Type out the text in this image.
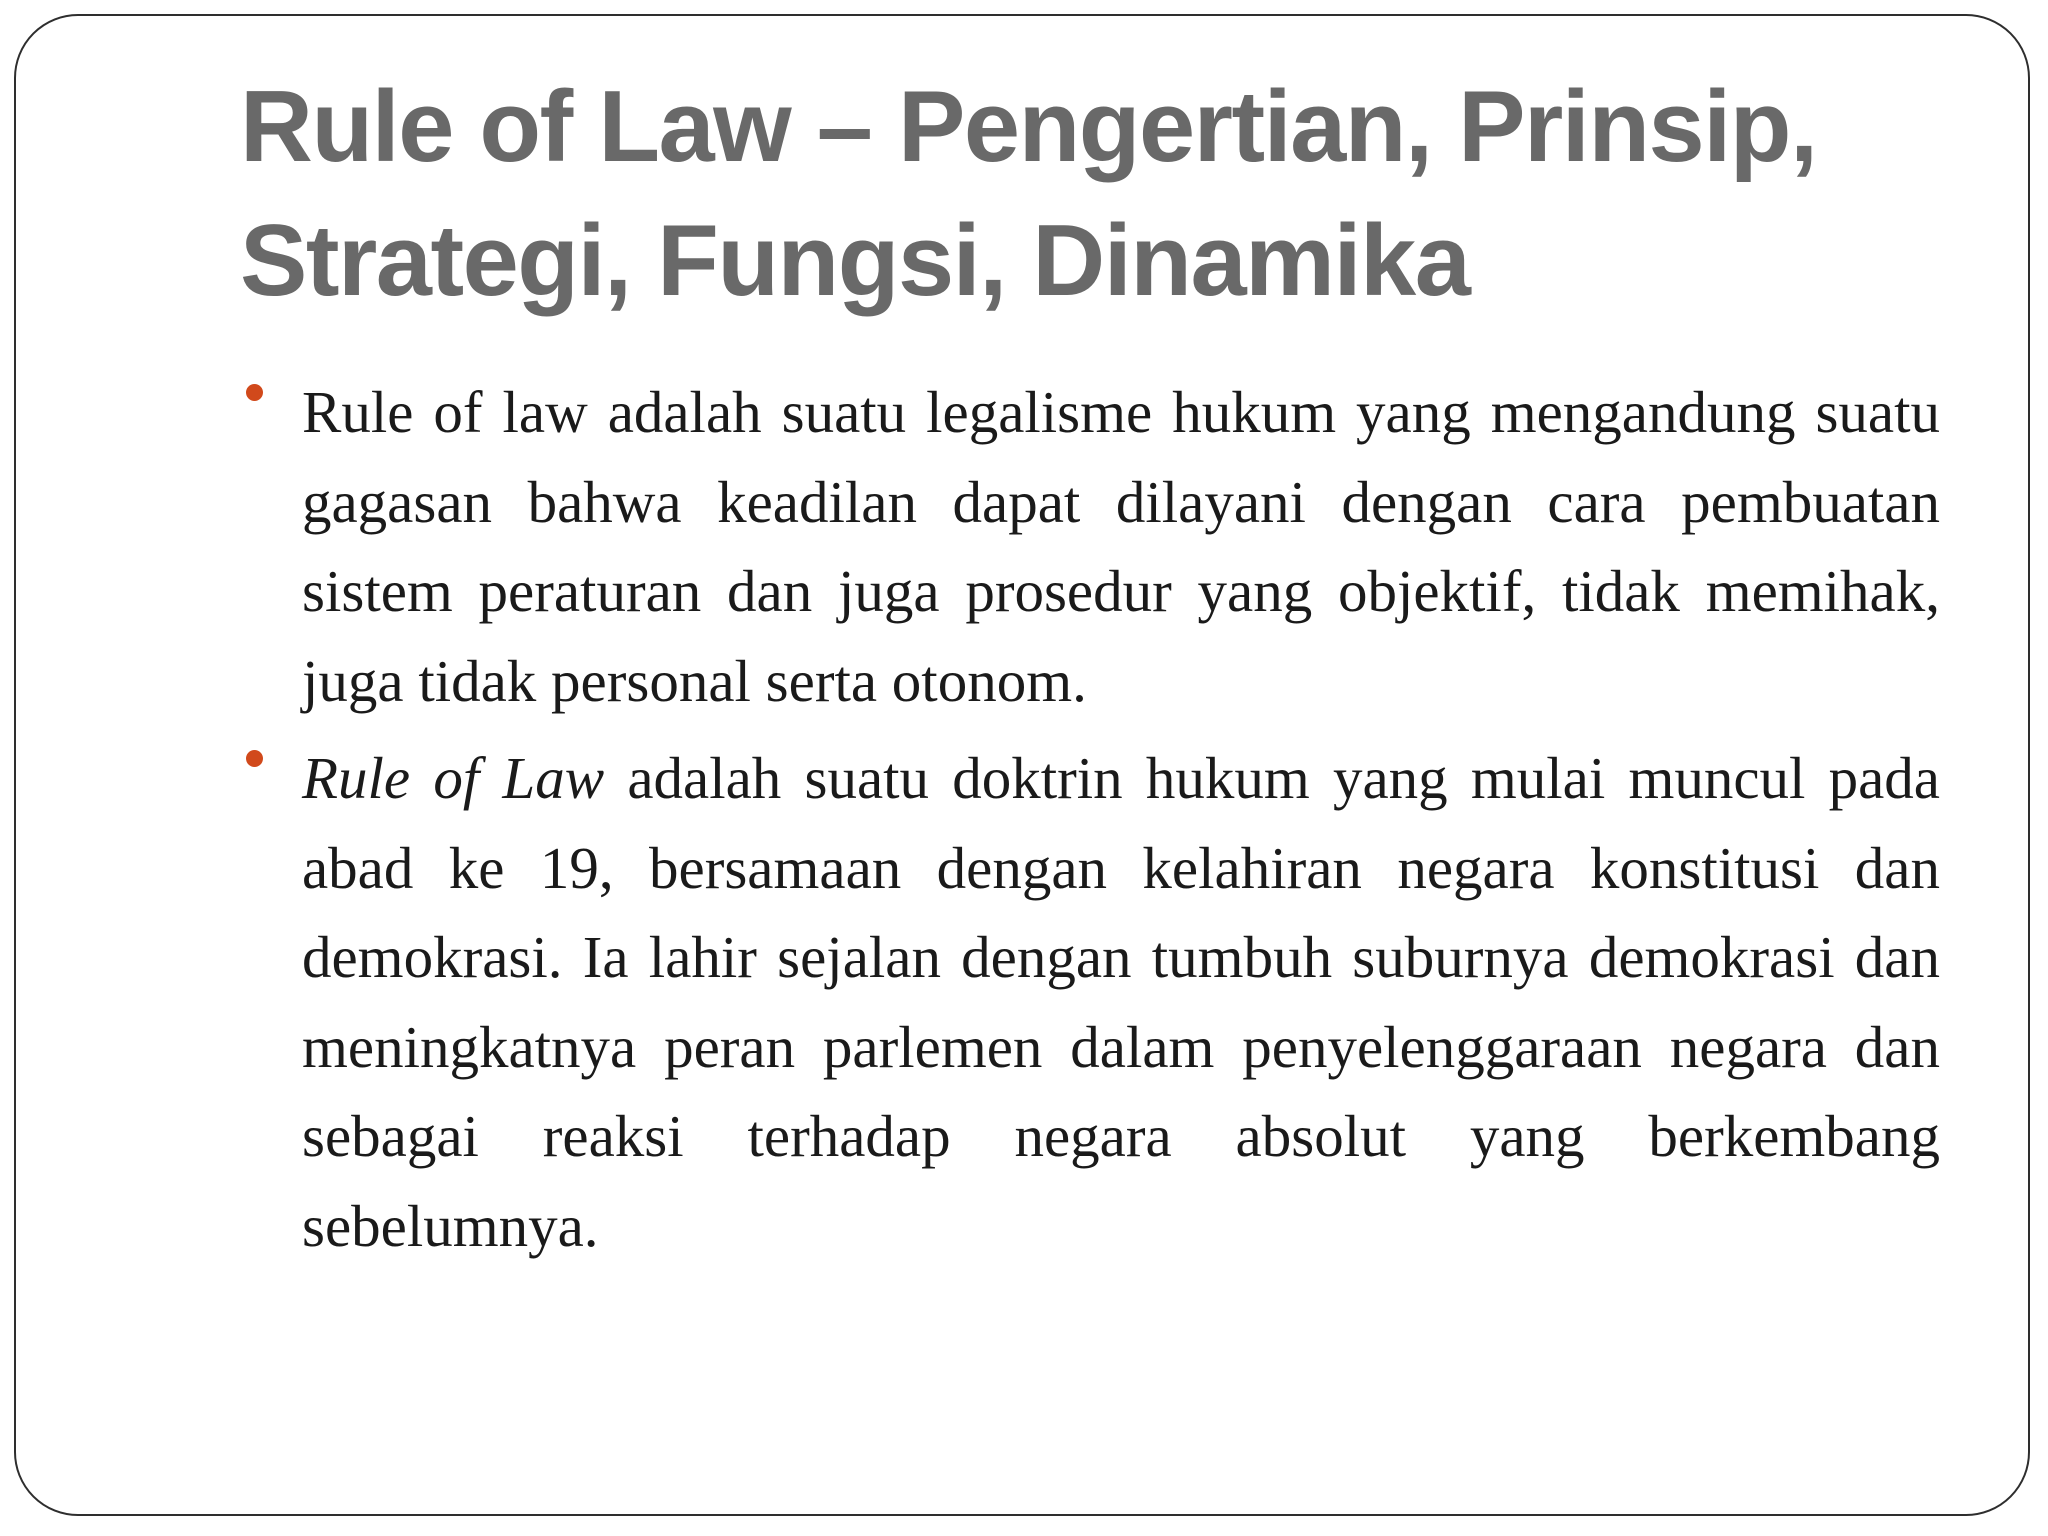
Rule of Law – Pengertian, Prinsip, Strategi, Fungsi, Dinamika

Rule of law adalah suatu legalisme hukum yang mengandung suatu gagasan bahwa keadilan dapat dilayani dengan cara pembuatan sistem peraturan dan juga prosedur yang objektif, tidak memihak, juga tidak personal serta otonom.

Rule of Law adalah suatu doktrin hukum yang mulai muncul pada abad ke 19, bersamaan dengan kelahiran negara konstitusi dan demokrasi. Ia lahir sejalan dengan tumbuh suburnya demokrasi dan meningkatnya peran parlemen dalam penyelenggaraan negara dan sebagai reaksi terhadap negara absolut yang berkembang sebelumnya.
